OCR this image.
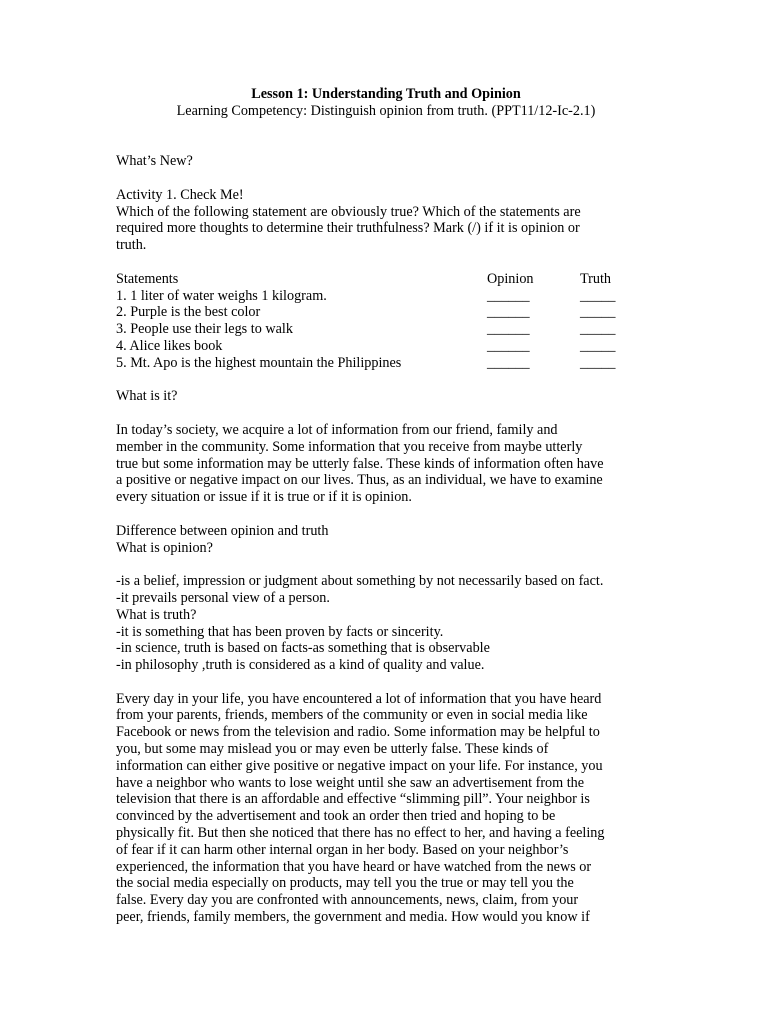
Lesson 1: Understanding Truth and Opinion

Learning Competency: Distinguish opinion from truth. (PPT11/12-Ic-2.1)

What’s New?

Activity 1. Check Me!

Which of the following statement are obviously true? Which of the statements are

required more thoughts to determine their truthfulness? Mark (/) if it is opinion or

truth.

Statements	Opinion	Truth
1. 1 liter of water weighs 1 kilogram.	______	_____
2. Purple is the best color	______	_____
3. People use their legs to walk	______	_____
4. Alice likes book	______	_____
5. Mt. Apo is the highest mountain the Philippines	______	_____

What is it?

In today’s society, we acquire a lot of information from our friend, family and

member in the community. Some information that you receive from maybe utterly

true but some information may be utterly false. These kinds of information often have

a positive or negative impact on our lives. Thus, as an individual, we have to examine

every situation or issue if it is true or if it is opinion.

Difference between opinion and truth

What is opinion?

-is a belief, impression or judgment about something by not necessarily based on fact.

-it prevails personal view of a person.

What is truth?

-it is something that has been proven by facts or sincerity.

-in science, truth is based on facts-as something that is observable

-in philosophy ,truth is considered as a kind of quality and value.

Every day in your life, you have encountered a lot of information that you have heard

from your parents, friends, members of the community or even in social media like

Facebook or news from the television and radio. Some information may be helpful to

you, but some may mislead you or may even be utterly false. These kinds of

information can either give positive or negative impact on your life. For instance, you

have a neighbor who wants to lose weight until she saw an advertisement from the

television that there is an affordable and effective “slimming pill”. Your neighbor is

convinced by the advertisement and took an order then tried and hoping to be

physically fit. But then she noticed that there has no effect to her, and having a feeling

of fear if it can harm other internal organ in her body. Based on your neighbor’s

experienced, the information that you have heard or have watched from the news or

the social media especially on products, may tell you the true or may tell you the

false. Every day you are confronted with announcements, news, claim, from your

peer, friends, family members, the government and media. How would you know if
